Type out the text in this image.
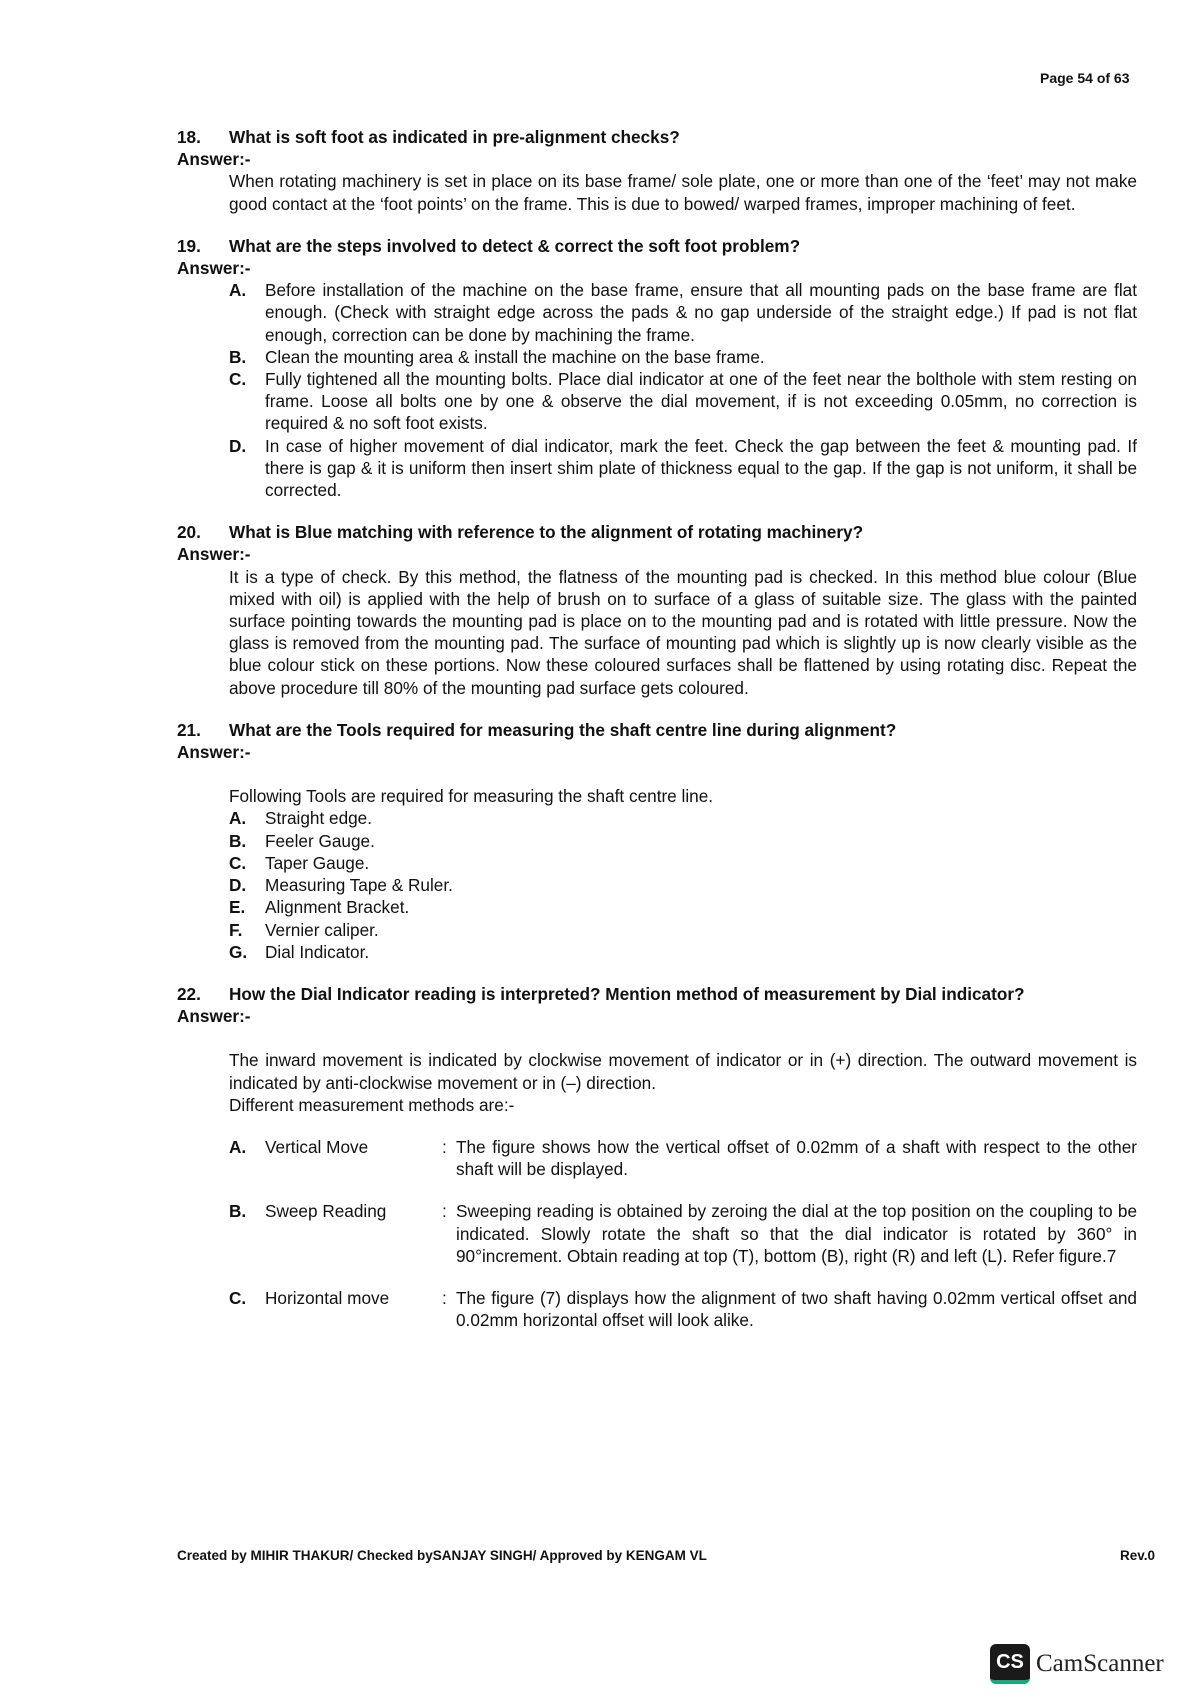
Page 54 of 63
18.	What is soft foot as indicated in pre-alignment checks?
Answer:-
When rotating machinery is set in place on its base frame/ sole plate, one or more than one of the ‘feet’ may not make good contact at the ‘foot points’ on the frame. This is due to bowed/ warped frames, improper machining of feet.
19.	What are the steps involved to detect & correct the soft foot problem?
Answer:-
A.	Before installation of the machine on the base frame, ensure that all mounting pads on the base frame are flat enough. (Check with straight edge across the pads & no gap underside of the straight edge.) If pad is not flat enough, correction can be done by machining the frame.
B.	Clean the mounting area & install the machine on the base frame.
C.	Fully tightened all the mounting bolts. Place dial indicator at one of the feet near the bolthole with stem resting on frame. Loose all bolts one by one & observe the dial movement, if is not exceeding 0.05mm, no correction is required & no soft foot exists.
D.	In case of higher movement of dial indicator, mark the feet. Check the gap between the feet & mounting pad. If there is gap & it is uniform then insert shim plate of thickness equal to the gap. If the gap is not uniform, it shall be corrected.
20.	What is Blue matching with reference to the alignment of rotating machinery?
Answer:-
It is a type of check. By this method, the flatness of the mounting pad is checked. In this method blue colour (Blue mixed with oil) is applied with the help of brush on to surface of a glass of suitable size. The glass with the painted surface pointing towards the mounting pad is place on to the mounting pad and is rotated with little pressure. Now the glass is removed from the mounting pad. The surface of mounting pad which is slightly up is now clearly visible as the blue colour stick on these portions. Now these coloured surfaces shall be flattened by using rotating disc. Repeat the above procedure till 80% of the mounting pad surface gets coloured.
21.	What are the Tools required for measuring the shaft centre line during alignment?
Answer:-
Following Tools are required for measuring the shaft centre line.
A.	Straight edge.
B.	Feeler Gauge.
C.	Taper Gauge.
D.	Measuring Tape & Ruler.
E.	Alignment Bracket.
F.	Vernier caliper.
G.	Dial Indicator.
22.	How the Dial Indicator reading is interpreted? Mention method of measurement by Dial indicator?
Answer:-
The inward movement is indicated by clockwise movement of indicator or in (+) direction. The outward movement is indicated by anti-clockwise movement or in (–) direction.
Different measurement methods are:-
A.	Vertical Move	: The figure shows how the vertical offset of 0.02mm of a shaft with respect to the other shaft will be displayed.
B.	Sweep Reading	: Sweeping reading is obtained by zeroing the dial at the top position on the coupling to be indicated. Slowly rotate the shaft so that the dial indicator is rotated by 360° in 90°increment. Obtain reading at top (T), bottom (B), right (R) and left (L). Refer figure.7
C.	Horizontal move	: The figure (7) displays how the alignment of two shaft having 0.02mm vertical offset and 0.02mm horizontal offset will look alike.
Created by MIHIR THAKUR/ Checked bySANJAY SINGH/ Approved by KENGAM VL	Rev.0
CS CamScanner
